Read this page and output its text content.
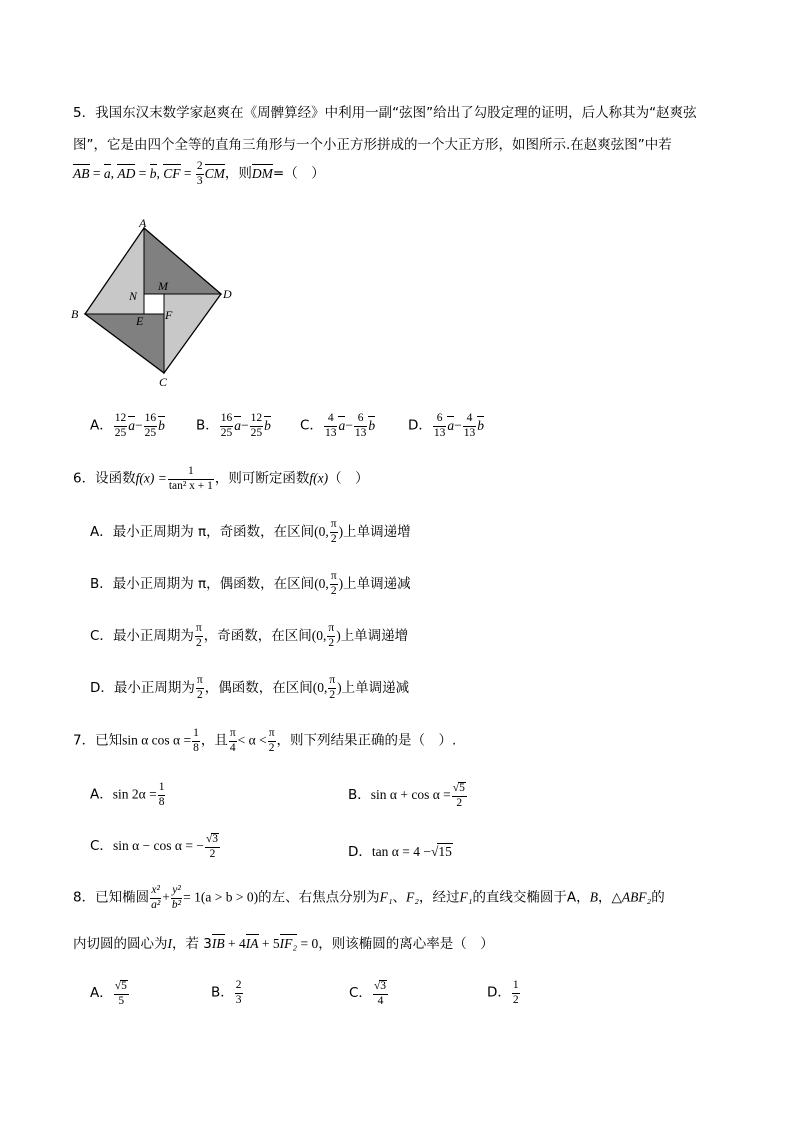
5．我国东汉末数学家赵爽在《周髀算经》中利用一副“弦图”给出了勾股定理的证明，后人称其为“赵爽弦
图”，它是由四个全等的直角三角形与一个小正方形拼成的一个大正方形，如图所示.在赵爽弦图”中若
AB = a, AD = b, CF = $\frac{2}{3}$ CM，则DM=（　）
A
B
C
D
M
N
E F
A． $\frac{12}{25} a- \frac{16}{25}$ b B． $\frac{16}{25} a- \frac{12}{25}$ b C． $\frac{4}{13} a- \frac{6}{13}$ b D． $\frac{6}{13} a- \frac{4}{13}$ b
6．设函数$f(x) = \frac{1}{\text{tan² x + 1}}$ ，则可断定函数f(x)（　）
A．最小正周期为 π，奇函数，在区间(0, $\frac{\pi}{2}$ )上单调递增
B．最小正周期为 π，偶函数，在区间(0, $\frac{\pi}{2}$ )上单调递减
C．最小正周期为 $\frac{\pi}{2}$ ，奇函数，在区间(0, $\frac{\pi}{2}$ )上单调递增
D．最小正周期为 $\frac{\pi}{2}$ ，偶函数，在区间(0, $\frac{\pi}{2}$ )上单调递减
7．已知sin α $\cos \alpha = \frac{1}{8}$ ，且 $\frac{\pi}{4} < \alpha < \frac{\pi}{2}$ ，则下列结果正确的是（　）.
A．$\sin 2\alpha = \frac{1}{8}$	B．$\sin \alpha + \cos \alpha = \frac{√5}{2}$
C．sin α − cos α = − $\frac{√3}{2}$	D．tan α = 4 −√15
8．已知椭圆 $\frac{\text{x²}}{\text{a²}} + \frac{\text{y²}}{\text{b²}} = 1(a > b > 0)$的左、右焦点分别为F₁、F₂，经过F₁的直线交椭圆于A，B，△ABF₂的
内切圆的圆心为I，若 3IB + 4IA + 5IF₂ = 0，则该椭圆的离心率是（　）
A． $\frac{√5}{5}$	B． $\frac{2}{3}$	C． $\frac{√3}{4}$	D． $\frac{1}{2}$
